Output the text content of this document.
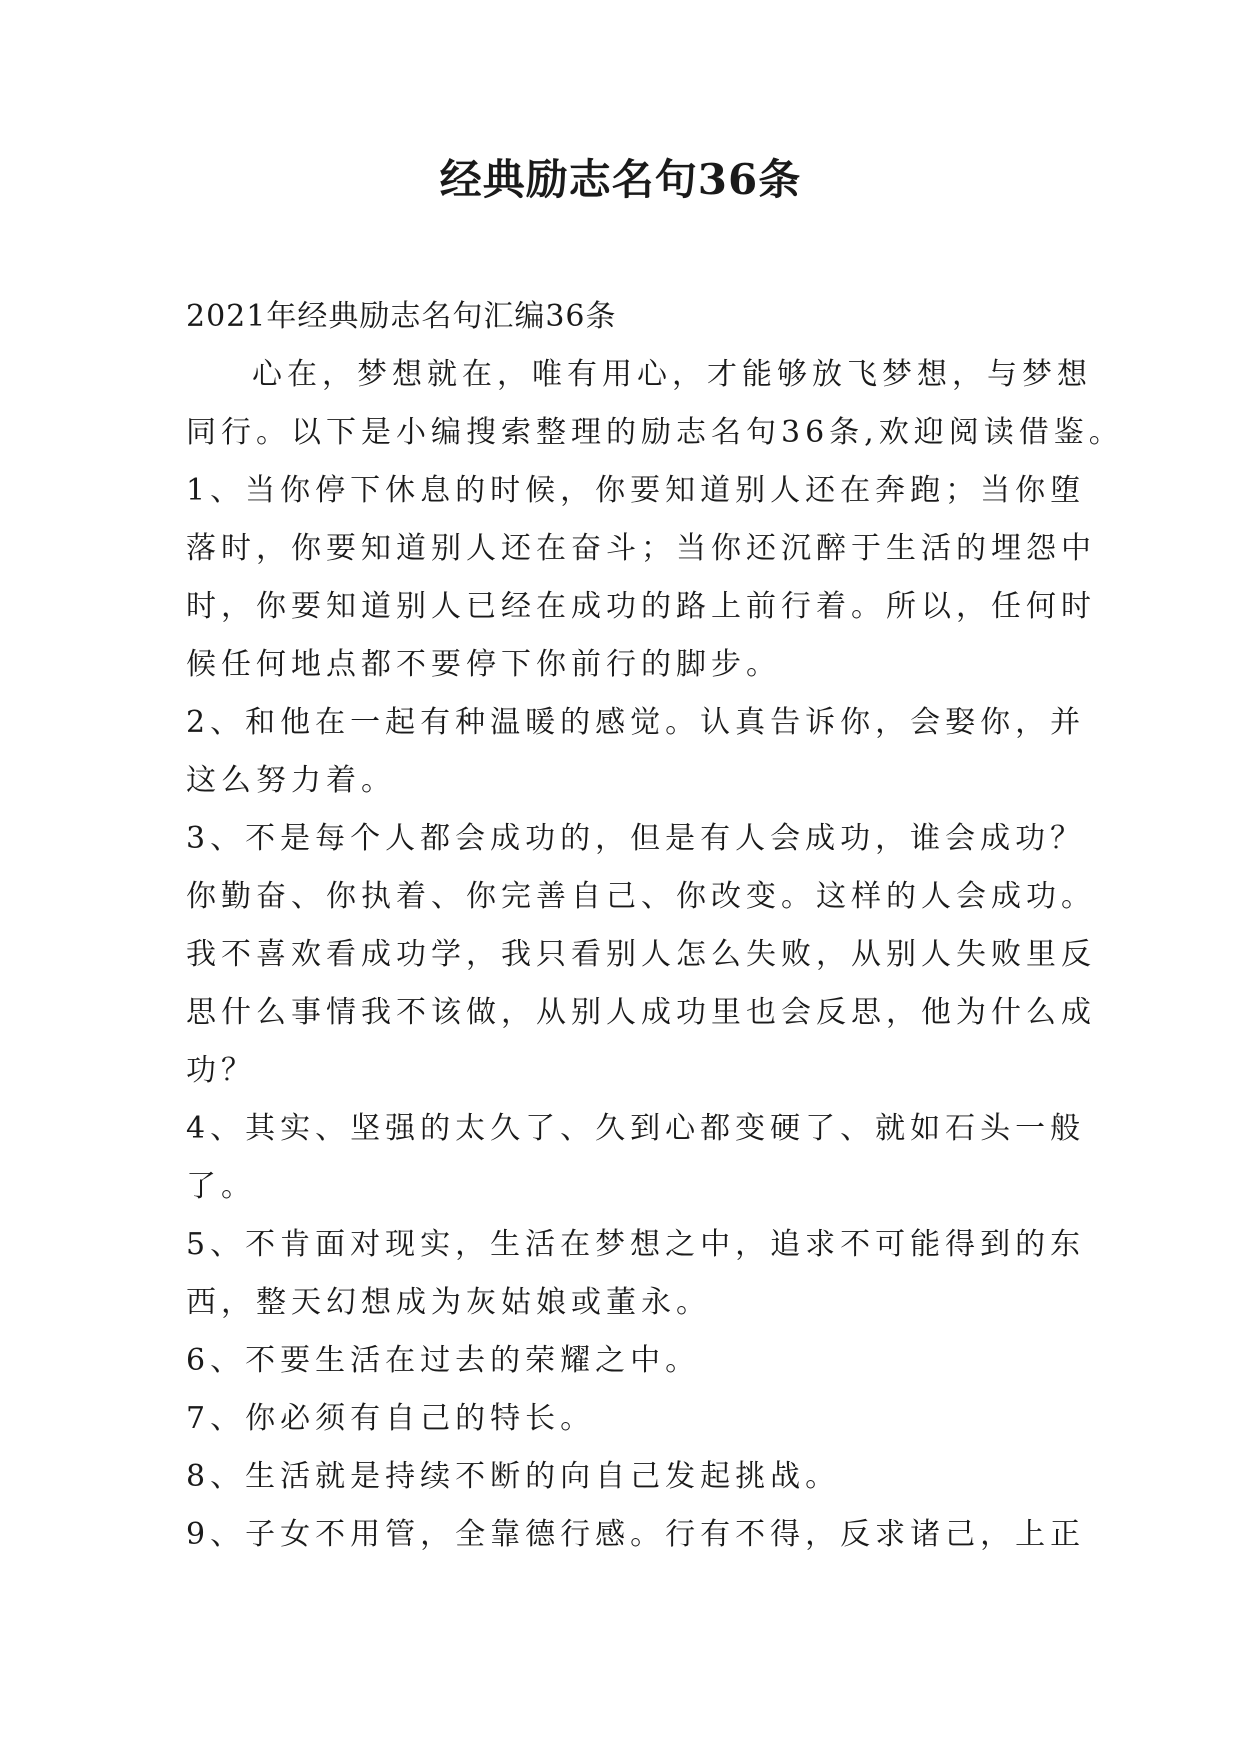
经典励志名句36条

2021年经典励志名句汇编36条

心在，梦想就在，唯有用心，才能够放飞梦想，与梦想

同行。以下是小编搜索整理的励志名句36条,欢迎阅读借鉴。

1、当你停下休息的时候，你要知道别人还在奔跑；当你堕

落时，你要知道别人还在奋斗；当你还沉醉于生活的埋怨中

时，你要知道别人已经在成功的路上前行着。所以，任何时

候任何地点都不要停下你前行的脚步。

2、和他在一起有种温暖的感觉。认真告诉你，会娶你，并

这么努力着。

3、不是每个人都会成功的，但是有人会成功，谁会成功？

你勤奋、你执着、你完善自己、你改变。这样的人会成功。

我不喜欢看成功学，我只看别人怎么失败，从别人失败里反

思什么事情我不该做，从别人成功里也会反思，他为什么成

功？

4、其实、坚强的太久了、久到心都变硬了、就如石头一般

了。

5、不肯面对现实，生活在梦想之中，追求不可能得到的东

西，整天幻想成为灰姑娘或董永。

6、不要生活在过去的荣耀之中。

7、你必须有自己的特长。

8、生活就是持续不断的向自己发起挑战。

9、子女不用管，全靠德行感。行有不得，反求诸己，上正
